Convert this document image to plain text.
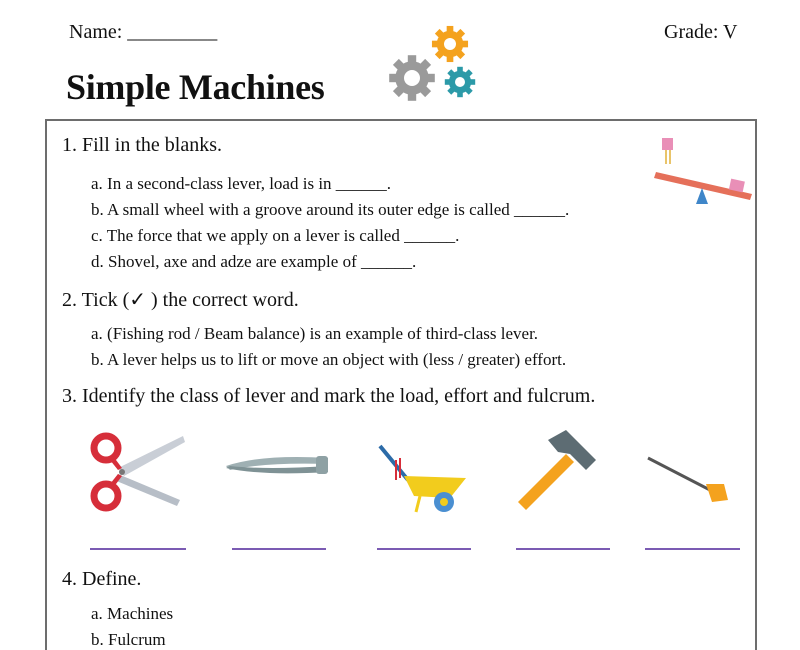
Name: _________	Grade: V
Simple Machines
1. Fill in the blanks.
a. In a second-class lever, load is in ______.
b. A small wheel with a groove around its outer edge is called ______.
c. The force that we apply on a lever is called ______.
d. Shovel, axe and adze are example of ______.
2. Tick (✓ ) the correct word.
a. (Fishing rod / Beam balance) is an example of third-class lever.
b. A lever helps us to lift or move an object with (less / greater) effort.
3. Identify the class of lever and mark the load, effort and fulcrum.
4. Define.
a. Machines
b. Fulcrum
